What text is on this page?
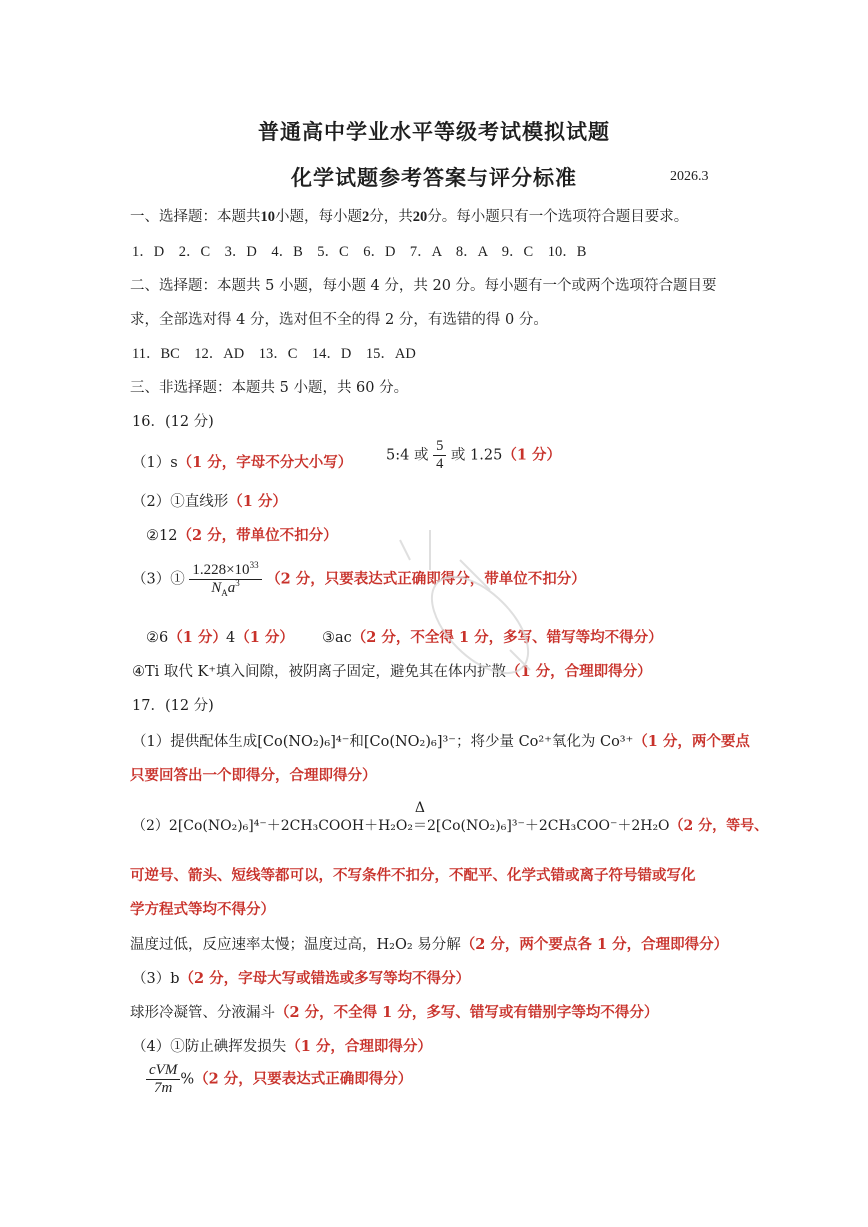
普通高中学业水平等级考试模拟试题
化学试题参考答案与评分标准	2026.3
一、选择题：本题共10小题，每小题2分，共20分。每小题只有一个选项符合题目要求。
1．D　2．C　3．D　4．B　5．C　6．D　7．A　8．A　9．C　10．B
二、选择题：本题共 5 小题，每小题 4 分，共 20 分。每小题有一个或两个选项符合题目要
求，全部选对得 4 分，选对但不全的得 2 分，有选错的得 0 分。
11．BC　12．AD　13．C　14．D　15．AD
三、非选择题：本题共 5 小题，共 60 分。
16．(12 分)
（1）s（1 分，字母不分大小写） 5:4 或 $\frac{5}{4}$ 或 1.25（1 分）
（2）①直线形（1 分）
②12（2 分，带单位不扣分）
（3）① $\frac{1.228\times 10^{33}}{N_Aa^3} (2$ 分，只要表达式正确即得分，带单位不扣分）
②6（1 分） 4（1 分） ③ac（2 分，不全得 1 分，多写、错写等均不得分）
④Ti 取代 K⁺填入间隙，被阴离子固定，避免其在体内扩散（1 分，合理即得分）
17．(12 分)
（1）提供配体生成[Co(NO₂)₆]⁴⁻和[Co(NO₂)₆]³⁻；将少量 Co²⁺氧化为 Co³⁺（1 分，两个要点
只要回答出一个即得分，合理即得分）
（2）2[Co(NO₂)₆]⁴⁻＋2CH₃COOH＋H₂O₂
Δ
＝2[Co(NO₂)₆]³⁻＋2CH₃COO⁻＋2H₂O（2 分，等号、
可逆号、箭头、短线等都可以，不写条件不扣分，不配平、化学式错或离子符号错或写化
学方程式等均不得分）
温度过低，反应速率太慢；温度过高，H₂O₂ 易分解（2 分，两个要点各 1 分，合理即得分）
（3）b（2 分，字母大写或错选或多写等均不得分）
球形冷凝管、分液漏斗（2 分，不全得 1 分，多写、错写或有错别字等均不得分）
（4）①防止碘挥发损失（1 分，合理即得分）
$\frac{\text{cVM}}{7m} \%(2$ 分，只要表达式正确即得分）
